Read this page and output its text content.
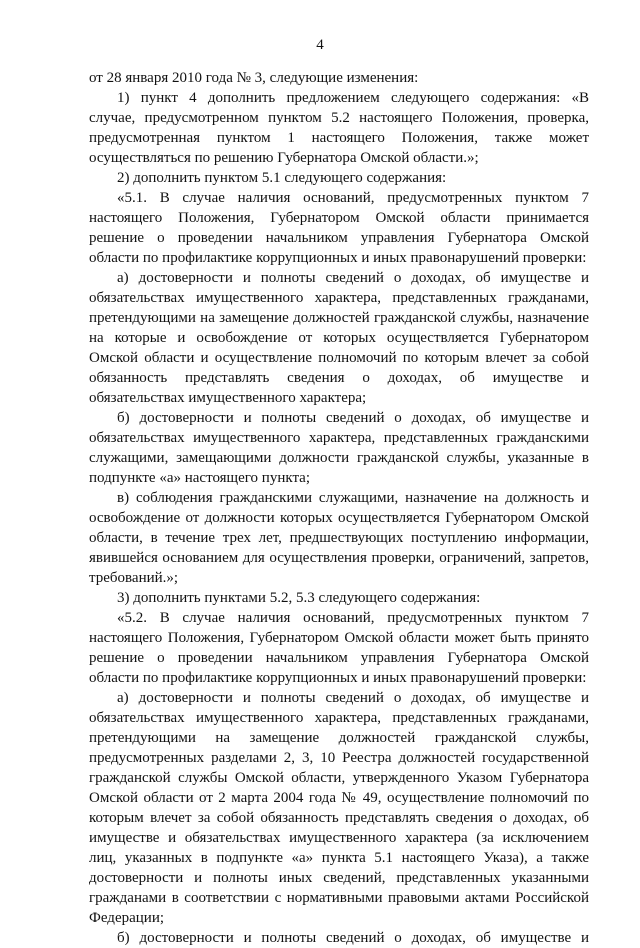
4

от 28 января 2010 года № 3, следующие изменения:

1) пункт 4 дополнить предложением следующего содержания: «В

случае, предусмотренном пунктом 5.2 настоящего Положения, проверка,

предусмотренная пунктом 1 настоящего Положения, также может

осуществляться по решению Губернатора Омской области.»;

2) дополнить пунктом 5.1 следующего содержания:

«5.1. В случае наличия оснований, предусмотренных пунктом 7

настоящего Положения, Губернатором Омской области принимается

решение о проведении начальником управления Губернатора Омской

области по профилактике коррупционных и иных правонарушений проверки:

а) достоверности и полноты сведений о доходах, об имуществе и

обязательствах имущественного характера, представленных гражданами,

претендующими на замещение должностей гражданской службы, назначение

на которые и освобождение от которых осуществляется Губернатором

Омской области и осуществление полномочий по которым влечет за собой

обязанность представлять сведения о доходах, об имуществе и

обязательствах имущественного характера;

б) достоверности и полноты сведений о доходах, об имуществе и

обязательствах имущественного характера, представленных гражданскими

служащими, замещающими должности гражданской службы, указанные в

подпункте «а» настоящего пункта;

в) соблюдения гражданскими служащими, назначение на должность и

освобождение от должности которых осуществляется Губернатором Омской

области, в течение трех лет, предшествующих поступлению информации,

явившейся основанием для осуществления проверки, ограничений, запретов,

требований.»;

3) дополнить пунктами 5.2, 5.3 следующего содержания:

«5.2. В случае наличия оснований, предусмотренных пунктом 7

настоящего Положения, Губернатором Омской области может быть принято

решение о проведении начальником управления Губернатора Омской

области по профилактике коррупционных и иных правонарушений проверки:

а) достоверности и полноты сведений о доходах, об имуществе и

обязательствах имущественного характера, представленных гражданами,

претендующими на замещение должностей гражданской службы,

предусмотренных разделами 2, 3, 10 Реестра должностей государственной

гражданской службы Омской области, утвержденного Указом Губернатора

Омской области от 2 марта 2004 года № 49, осуществление полномочий по

которым влечет за собой обязанность представлять сведения о доходах, об

имуществе и обязательствах имущественного характера (за исключением

лиц, указанных в подпункте «а» пункта 5.1 настоящего Указа), а также

достоверности и полноты иных сведений, представленных указанными

гражданами в соответствии с нормативными правовыми актами Российской

Федерации;

б) достоверности и полноты сведений о доходах, об имуществе и
